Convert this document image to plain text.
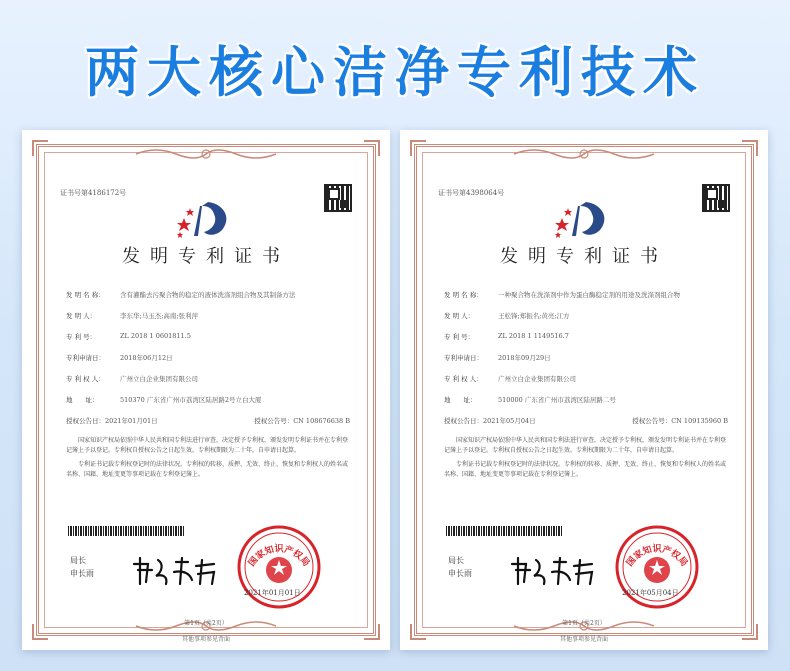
两大核心洁净专利技术
证书号第4186172号
发明专利证书
发 明 名 称：	含有灌酯去污聚合物的稳定的液体洗涤剂组合物及其制备方法
发 明 人：	李东华;马玉杰;高南;张利萍
专 利 号：	ZL 2018 1 0601811.5
专利申请日：	2018年06月12日
专 利 权 人：	广州立白企业集团有限公司
地　　址：	510370 广东省广州市荔湾区陆居路2号立白大厦
授权公告日：2021年01月01日	授权公告号：CN 108676638 B

国家知识产权局依照中华人民共和国专利法进行审查，决定授予专利权，颁发发明专利证书并在专利登记簿上予以登记。专利权自授权公告之日起生效。专利权期限为二十年，自申请日起算。

专利证书记载专利权登记时的法律状况。专利权的转移、质押、无效、终止、恢复和专利权人的姓名或名称、国籍、地址变更等事项记载在专利登记簿上。

局长
申长雨
国家知识产权局
2021年01月01日
第1页（共2页）
其他事项参见背面
证书号第4398064号
发明专利证书
发 明 名 称：	一种聚合物在洗涤剂中作为蛋白酶稳定剂的用途及洗涤剂组合物
发 明 人：	王松锋;郑振名;黄亮;江方
专 利 号：	ZL 2018 1 1149516.7
专利申请日：	2018年09月29日
专 利 权 人：	广州立白企业集团有限公司
地　　址：	510000 广东省广州市荔湾区陆居路二号
授权公告日：2021年05月04日	授权公告号：CN 109135960 B

国家知识产权局依照中华人民共和国专利法进行审查，决定授予专利权，颁发发明专利证书并在专利登记簿上予以登记。专利权自授权公告之日起生效。专利权期限为二十年，自申请日起算。

专利证书记载专利权登记时的法律状况。专利权的转移、质押、无效、终止、恢复和专利权人的姓名或名称、国籍、地址变更等事项记载在专利登记簿上。

局长
申长雨
国家知识产权局
2021年05月04日
第1页（共2页）
其他事项参见背面
